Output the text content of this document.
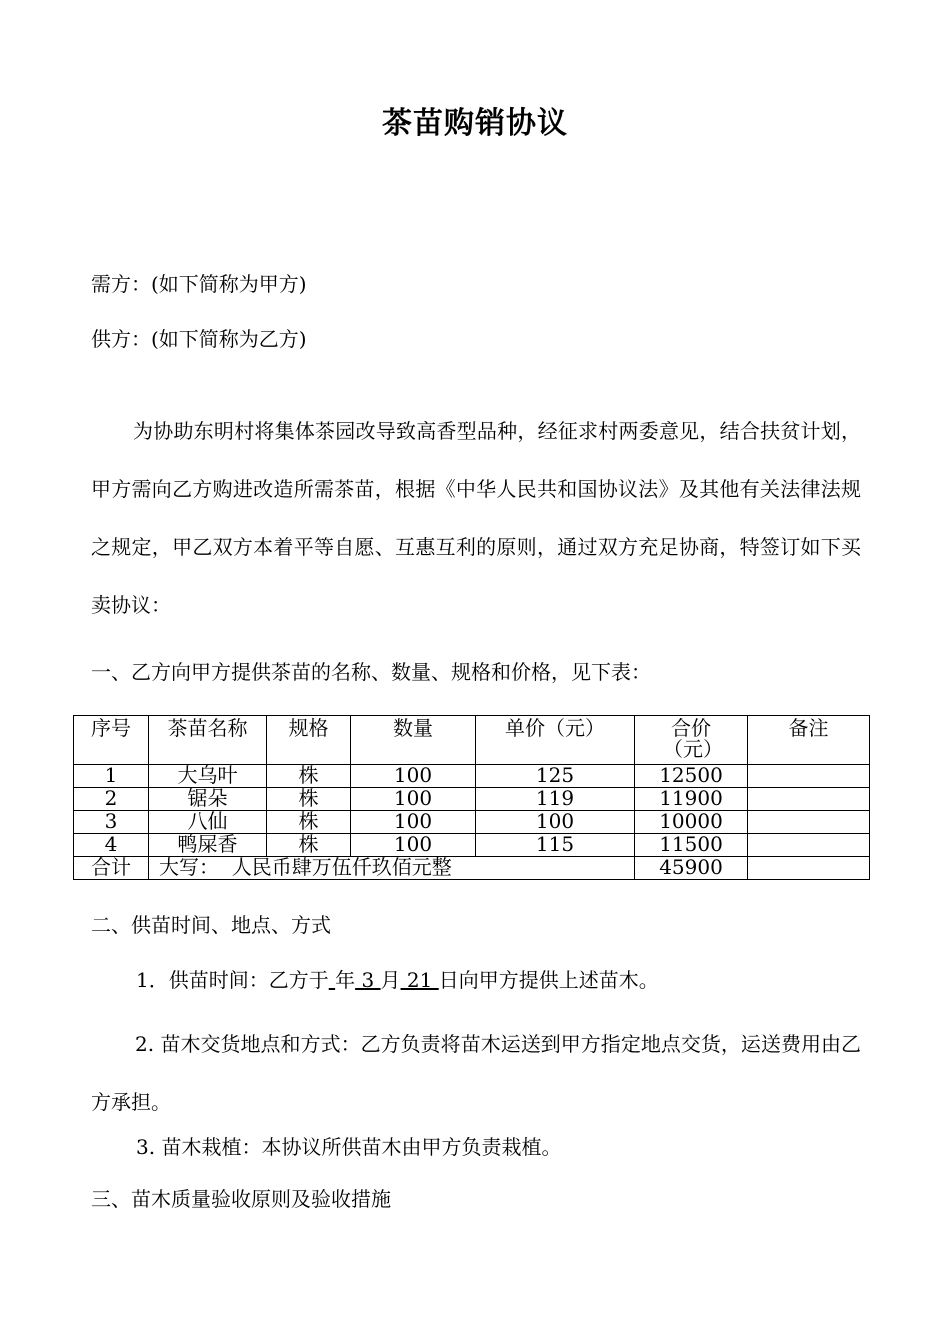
茶苗购销协议
需方：(如下简称为甲方)
供方：(如下简称为乙方)
为协助东明村将集体茶园改导致高香型品种，经征求村两委意见，结合扶贫计划，甲方需向乙方购进改造所需茶苗，根据《中华人民共和国协议法》及其他有关法律法规之规定，甲乙双方本着平等自愿、互惠互利的原则，通过双方充足协商，特签订如下买卖协议：
一、乙方向甲方提供茶苗的名称、数量、规格和价格，见下表：
序号	茶苗名称	规格	数量	单价（元）	合价（元）	备注
1	大乌叶	株	100	125	12500	
2	锯朵	株	100	119	11900	
3	八仙	株	100	100	10000	
4	鸭屎香	株	100	115	11500	
合计	大写：  人民币肆万伍仟玖佰元整				45900	
二、供苗时间、地点、方式
1．供苗时间：乙方于 年 3 月 21 日向甲方提供上述苗木。
2. 苗木交货地点和方式：乙方负责将苗木运送到甲方指定地点交货，运送费用由乙方承担。
3. 苗木栽植：本协议所供苗木由甲方负责栽植。
三、苗木质量验收原则及验收措施
